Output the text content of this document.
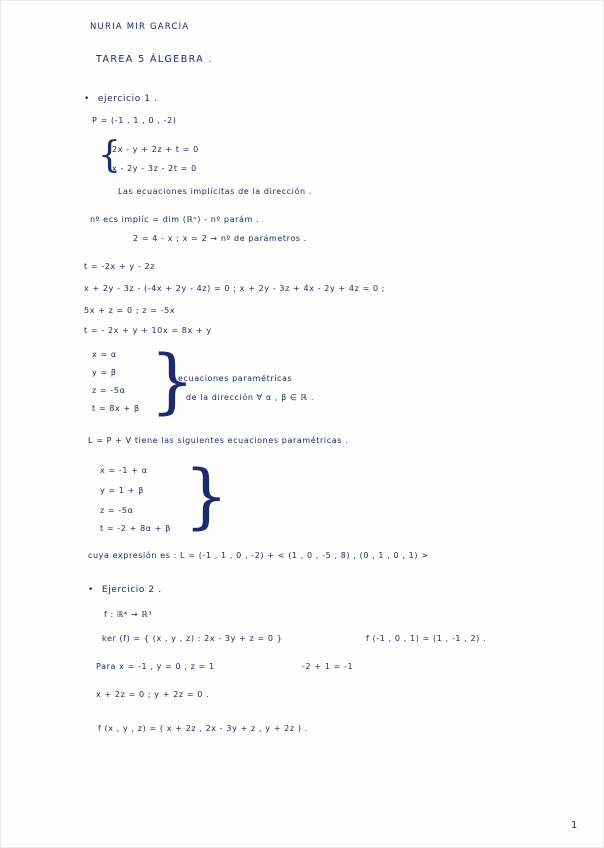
NURIA MIR GARCÍA
TAREA 5 ÁLGEBRA .
• ejercicio 1 .
P = (-1 , 1 , 0 , -2)
{
2x - y + 2z + t = 0
x - 2y - 3z - 2t = 0
Las ecuaciones implícitas de la dirección .
nº ecs implíc = dim (ℝⁿ) - nº parám .
2 = 4 - x ; x = 2 → nº de parámetros .
t = -2x + y - 2z
x + 2y - 3z - (-4x + 2y - 4z) = 0 ; x + 2y - 3z + 4x - 2y + 4z = 0 ;
5x + z = 0 ; z = -5x
t = - 2x + y + 10x = 8x + y
x = α
y = β
z = -5α
t = 8x + β }
ecuaciones paramétricas
de la dirección ∀ α , β ∈ ℝ .
L = P + V tiene las siguientes ecuaciones paramétricas .
x = -1 + α
y = 1 + β
z = -5α
t = -2 + 8α + β }
cuya expresión es : L = (-1 , 1 , 0 , -2) + < (1 , 0 , -5 , 8) , (0 , 1 , 0 , 1) >
• Ejercicio 2 .
f : ℝ⁴ → ℝ³
ker (f) = { (x , y , z) : 2x - 3y + z = 0 }	f (-1 , 0 , 1) = (1 , -1 , 2) .
Para x = -1 , y = 0 , z = 1	-2 + 1 = -1
x + 2z = 0 ; y + 2z = 0 .
f (x , y , z) = ( x + 2z , 2x - 3y + z , y + 2z ) .
1
